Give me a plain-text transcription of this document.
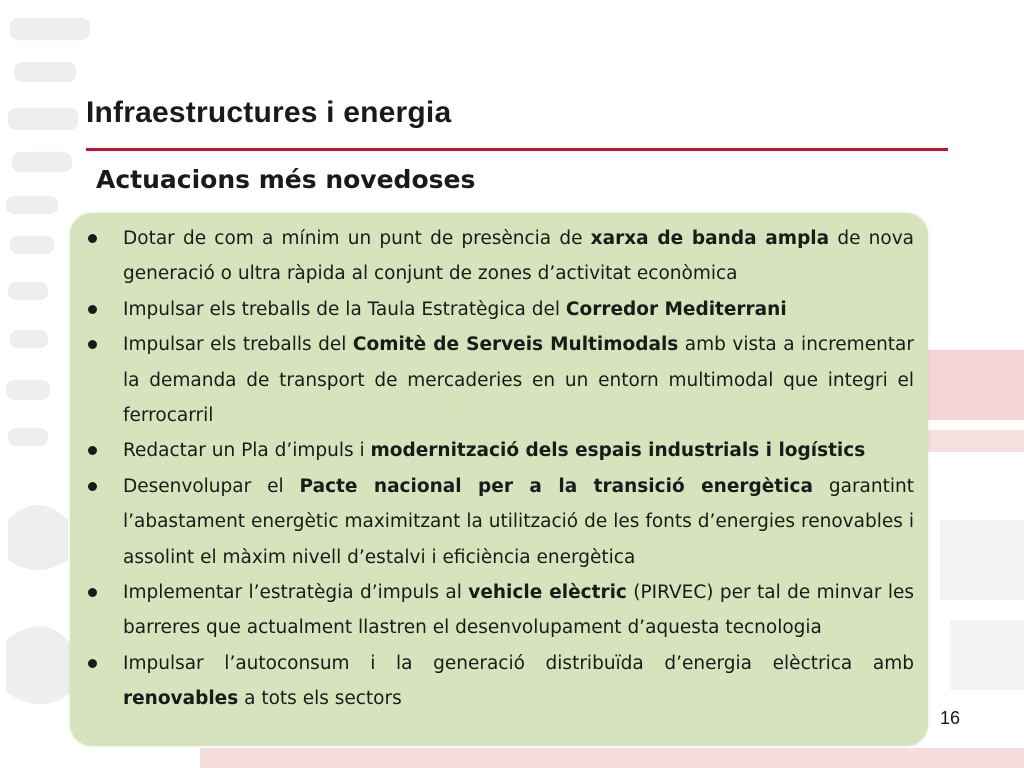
Infraestructures i energia
Actuacions més novedoses
Dotar de com a mínim un punt de presència de xarxa de banda ampla de nova generació o ultra ràpida al conjunt de zones d’activitat econòmica
Impulsar els treballs de la Taula Estratègica del Corredor Mediterrani
Impulsar els treballs del Comitè de Serveis Multimodals amb vista a incrementar la demanda de transport de mercaderies en un entorn multimodal que integri el ferrocarril
Redactar un Pla d’impuls i modernització dels espais industrials i logístics
Desenvolupar el Pacte nacional per a la transició energètica garantint l’abastament energètic maximitzant la utilització de les fonts d’energies renovables i assolint el màxim nivell d’estalvi i eficiència energètica
Implementar l’estratègia d’impuls al vehicle elèctric (PIRVEC) per tal de minvar les barreres que actualment llastren el desenvolupament d’aquesta tecnologia
Impulsar l’autoconsum i la generació distribuïda d’energia elèctrica amb renovables a tots els sectors
16
